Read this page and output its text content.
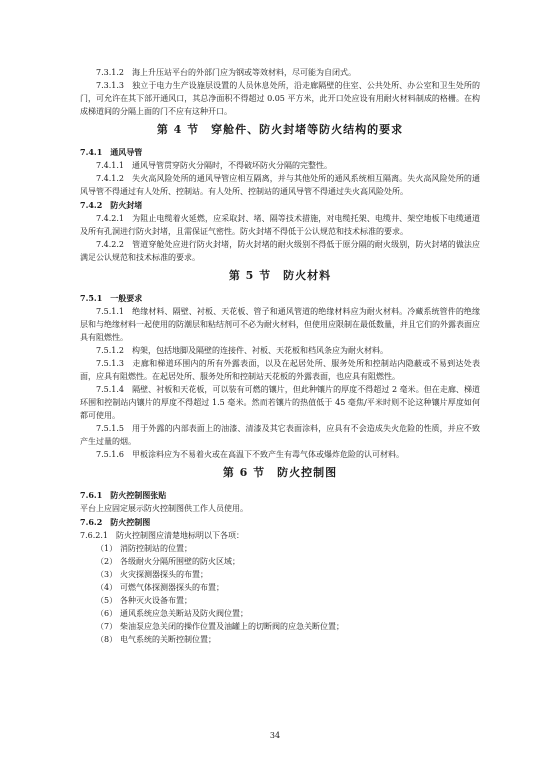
7.3.1.2　海上升压站平台的外部门应为钢或等效材料，尽可能为自闭式。

7.3.1.3　独立于电力生产设施层设置的人员休息处所，沿走廊隔壁的住室、公共处所、办公室和卫生处所的门，可允许在其下部开通风口，其总净面积不得超过 0.05 平方米，此开口处应设有用耐火材料制成的格栅。在构成梯道间的分隔上面的门不应有这种开口。

第 4 节　穿舱件、防火封堵等防火结构的要求

7.4.1　通风导管

7.4.1.1　通风导管贯穿防火分隔时，不得破坏防火分隔的完整性。

7.4.1.2　失火高风险处所的通风导管应相互隔离，并与其他处所的通风系统相互隔离。失火高风险处所的通风导管不得通过有人处所、控制站。有人处所、控制站的通风导管不得通过失火高风险处所。

7.4.2　防火封堵

7.4.2.1　为阻止电缆着火延燃，应采取封、堵、隔等技术措施，对电缆托架、电缆井、架空地板下电缆通道及所有孔洞进行防火封堵，且需保证气密性。防火封堵不得低于公认规范和技术标准的要求。

7.4.2.2　管道穿舱处应进行防火封堵，防火封堵的耐火级别不得低于原分隔的耐火级别，防火封堵的做法应满足公认规范和技术标准的要求。

第 5 节　防火材料

7.5.1　一般要求

7.5.1.1　绝缘材料、隔壁、衬板、天花板、管子和通风管道的绝缘材料应为耐火材料。冷藏系统管件的绝缘层和与绝缘材料一起使用的防潮层和粘结剂可不必为耐火材料，但使用应限制在最低数量，并且它们的外露表面应具有阻燃性。

7.5.1.2　构架，包括地脚及隔壁的连接件、衬板、天花板和档风条应为耐火材料。

7.5.1.3　走廊和梯道环围内的所有外露表面，以及在起居处所、服务处所和控制站内隐蔽或不易到达处表面，应具有阻燃性。在起居处所、服务处所和控制站天花板的外露表面，也应具有阻燃性。

7.5.1.4　隔壁、衬板和天花板，可以装有可燃的镶片，但此种镶片的厚度不得超过 2 毫米。但在走廊、梯道环围和控制站内镶片的厚度不得超过 1.5 毫米。然而若镶片的热值低于 45 毫焦/平米时则不论这种镶片厚度如何都可使用。

7.5.1.5　用于外露的内部表面上的油漆、清漆及其它表面涂料，应具有不会造成失火危险的性质，并应不致产生过量的烟。

7.5.1.6　甲板涂料应为不易着火或在高温下不致产生有毒气体或爆炸危险的认可材料。

第 6 节　防火控制图

7.6.1　防火控制图张贴

平台上应固定展示防火控制图供工作人员使用。

7.6.2　防火控制图

7.6.2.1　防火控制图应清楚地标明以下各项：

（1） 消防控制站的位置；

（2） 各级耐火分隔所围壁的防火区域；

（3） 火灾探测器探头的布置；

（4） 可燃气体探测器探头的布置；

（5） 各种灭火设备布置；

（6） 通风系统应急关断站及防火阀位置；

（7） 柴油泵应急关闭的操作位置及油罐上的切断阀的应急关断位置；

（8） 电气系统的关断控制位置；

34
